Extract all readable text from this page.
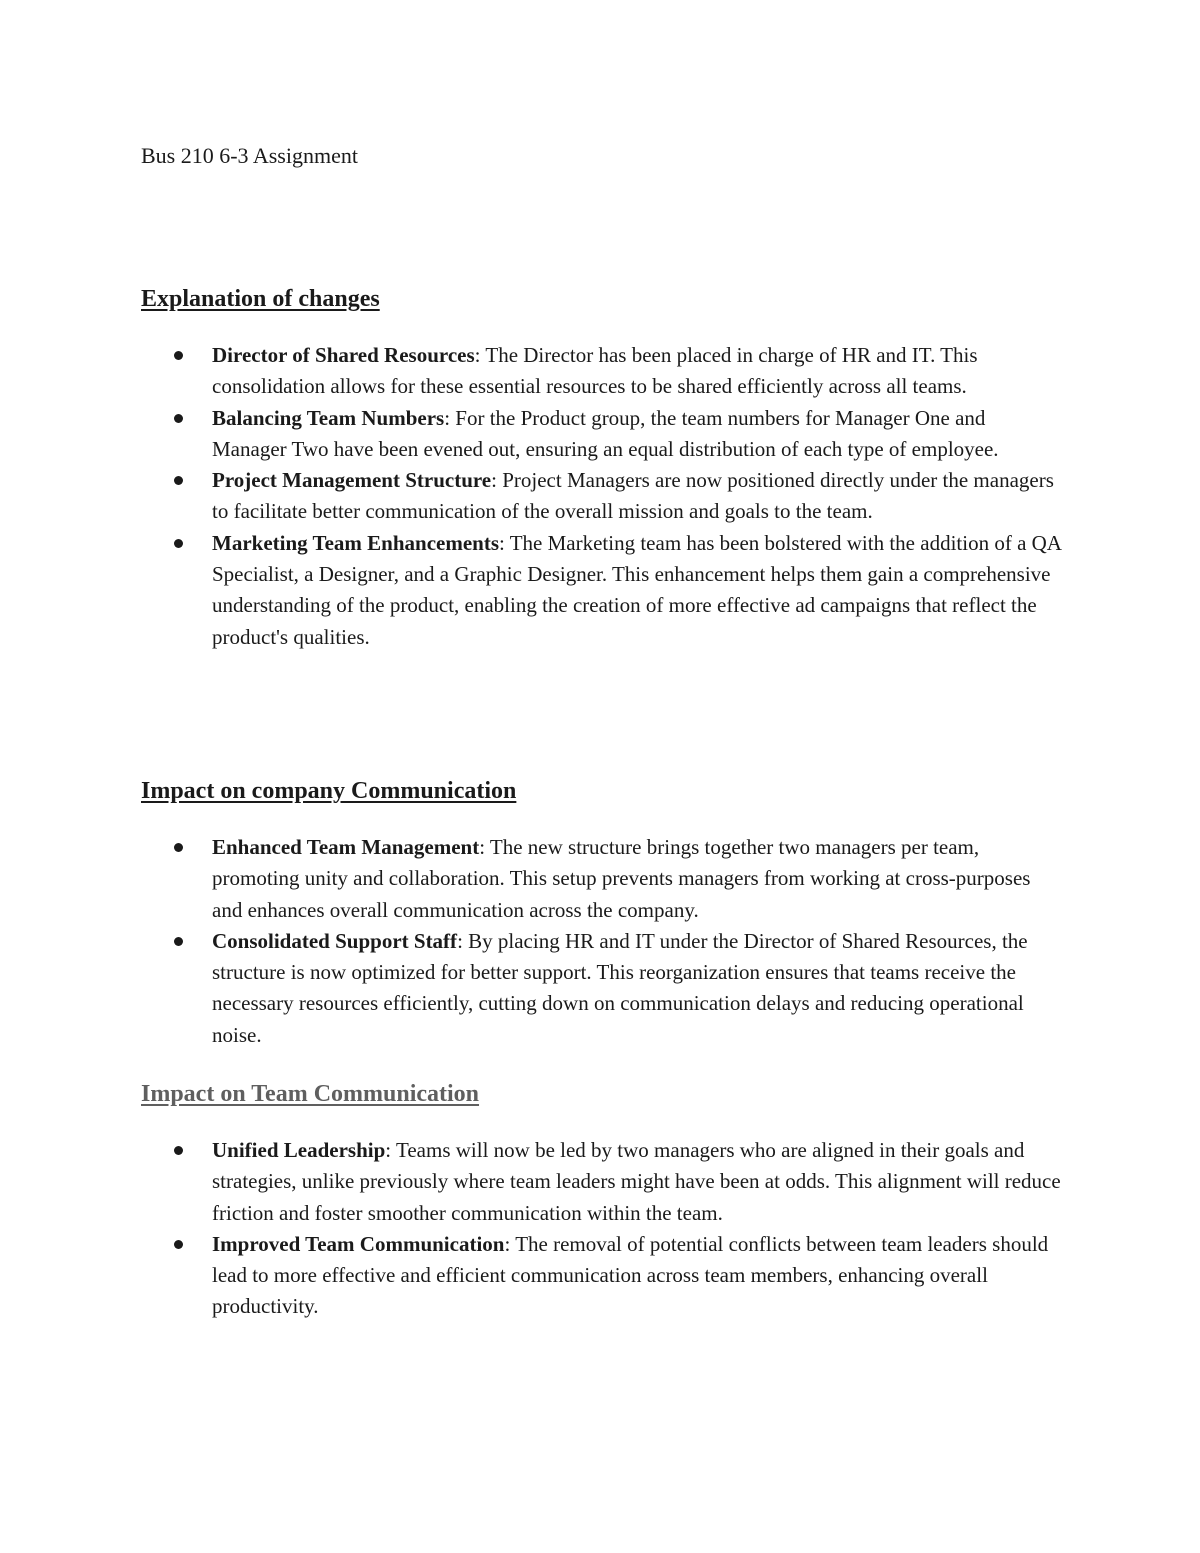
Bus 210 6-3 Assignment

Explanation of changes
Director of Shared Resources: The Director has been placed in charge of HR and IT. This consolidation allows for these essential resources to be shared efficiently across all teams.
Balancing Team Numbers: For the Product group, the team numbers for Manager One and Manager Two have been evened out, ensuring an equal distribution of each type of employee.
Project Management Structure: Project Managers are now positioned directly under the managers to facilitate better communication of the overall mission and goals to the team.
Marketing Team Enhancements: The Marketing team has been bolstered with the addition of a QA Specialist, a Designer, and a Graphic Designer. This enhancement helps them gain a comprehensive understanding of the product, enabling the creation of more effective ad campaigns that reflect the product's qualities.
Impact on company Communication
Enhanced Team Management: The new structure brings together two managers per team, promoting unity and collaboration. This setup prevents managers from working at cross-purposes and enhances overall communication across the company.
Consolidated Support Staff: By placing HR and IT under the Director of Shared Resources, the structure is now optimized for better support. This reorganization ensures that teams receive the necessary resources efficiently, cutting down on communication delays and reducing operational noise.
Impact on Team Communication
Unified Leadership: Teams will now be led by two managers who are aligned in their goals and strategies, unlike previously where team leaders might have been at odds. This alignment will reduce friction and foster smoother communication within the team.
Improved Team Communication: The removal of potential conflicts between team leaders should lead to more effective and efficient communication across team members, enhancing overall productivity.
